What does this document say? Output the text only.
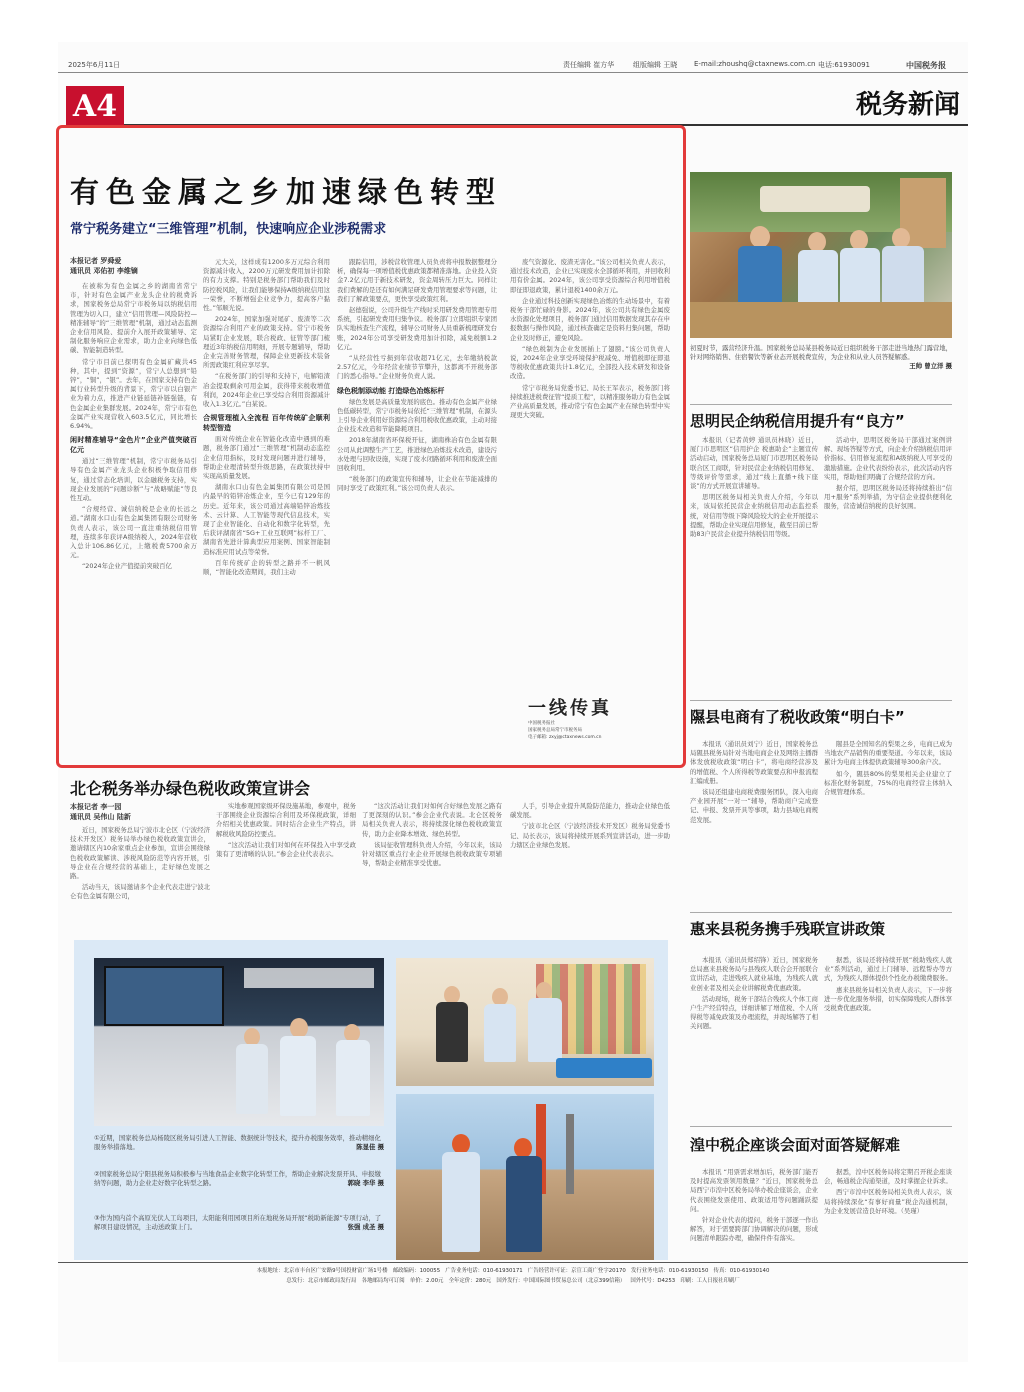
2025年6月11日	责任编辑 崔方华	组版编辑 王晓 E-mail:zhoushq@ctaxnews.com.cn 电话:61930091	中国税务报
A4	税务新闻
有色金属之乡加速绿色转型
常宁税务建立“三维管理”机制，快速响应企业涉税需求
本报记者 罗舜爱
通讯员 邓佑初 李维镝

在被称为有色金属之乡的湖南省常宁市，针对有色金属产业龙头企业的税费诉求，国家税务总局常宁市税务局以纳税信用管理为切入口，建立“信用管理—风险防控—精准辅导”的“三维管理”机制，通过动态监测企业信用风险、提前介入展开政策辅导、定制化服务响应企业需求，助力企业向绿色低碳、智能制造转型。

常宁市目前已探明有色金属矿藏共45种，其中，提到“资源”，常宁人总想到“铅锌”，“铜”，“银”。去年，在国家支持有色金属行业转型升级的背景下，常宁市以白银产业为着力点，推进产业链延链补链强链，有色金属企业集群发展。2024年，常宁市有色金属产业实现营收入603.5亿元，同比增长6.94%。

闲时精准辅导“金色片”企业产值突破百亿元

通过“三维管理”机制，常宁市税务局引导有色金属产业龙头企业积极争取信用修复，通过常态化培训，以金融税务支持，实现企业发展的“问题诊断”与“战略赋能”等良性互动。

“合规经营、诚信纳税是企业的长远之道。”湖南水口山有色金属集团有限公司财务负责人表示，该公司一直注重纳税信用管理，连续多年获评A级纳税人，2024年营收入总计106.86亿元，上缴税费5700余万元。

“2024年企业产值提前突破百亿

元大关，这样成有1200多万元综合利用资源减计收入，2200万元研发费用加计扣除的有力支撑。特别是税务部门帮助我们及时防控税风险，让我们能够保持A级纳税信用这一荣誉，不断增强企业竞争力，提高客户黏性。”邹顺光说。

2024年，国家加强对尾矿、废渣等二次资源综合利用产业的政策支持。常宁市税务局紧盯企业发展，联合税政、征管等部门梳理近3年纳税信用明细，开展专题辅导，帮助企业完善财务管理，保障企业更新技术装备所需政策红利应享尽享。

“在税务部门的引导和支持下，电解铅渣冶金提取剩余可用金属，获得带来税收增值利润，2024年企业已享受综合利用资源减计收入1.3亿元。”白某说。

合规管理植入全流程 百年传统矿企顺利转型智造

面对传统企业在智能化改造中遇到的难题，税务部门通过“三维管理”机制动态监控企业信用指标，及时发现问题并进行辅导，帮助企业理清转型升级思路，在政策扶持中实现高质量发展。

湖南水口山有色金属集团有限公司是国内最早的铅锌冶炼企业，至今已有129年的历史。近年来，该公司通过高端铅锌冶炼技术、云计算、人工智能等现代信息技术，实现了企业智能化、自动化和数字化转型，先后获评湖南省“5G+工业互联网”标杆工厂、湖南省先进计算典型应用案例、国家智能制造标准应用试点等荣誉。

百年传统矿企的转型之路并不一帆风顺，“智能化改造期间，我们主动

跟踪信用，涉税营收管理人员负责将申报数据整理分析，确保每一项增值税优惠政策都精准落地。企业投入资金7.2亿元用于新技术研发，资金周转压力巨大。同样让我们费解的是还有如何满足研发费用管理要求等问题，让我们了解政策要点，更快享受政策红利。

赵德强说，公司升级生产线时采用研发费用管理专用系统，引起研发费用归集争议。税务部门立即组织专家团队实地核查生产流程，辅导公司财务人员重新梳理研发台账，2024年公司享受研发费用加计扣除，减免税额1.2亿元。

“从经营性亏损到年营收超71亿元，去年缴纳税款2.57亿元，今年经营业绩节节攀升，这都离不开税务部门的悉心指导。”企业财务负责人说。

绿色税制添动能 打造绿色冶炼标杆

绿色发展是高质量发展的底色。推动有色金属产业绿色低碳转型，常宁市税务局依托“三维管理”机制，在源头上引导企业利用好资源综合利用税收优惠政策，主动对接企业技术改造和节能降耗项目。

2018年湖南省环保税开征，湖南株冶有色金属有限公司从此调整生产工艺，推进绿色冶炼技术改造，建设污水处理与回收设施，实现了废水闭路循环利用和废渣全面回收利用。

“税务部门的政策宣传和辅导，让企业在节能减排的同时享受了政策红利。”该公司负责人表示。

废气资源化、废渣无害化。”该公司相关负责人表示，通过技术改造，企业已实现废水全部循环利用，并回收利用有价金属。2024年，该公司享受资源综合利用增值税即征即退政策，累计退税1400余万元。

企业通过科技创新实现绿色冶炼的生动场景中，有着税务干部忙碌的身影。2024年，该公司共有绿色金属废水资源化处理项目，税务部门通过信用数据发现其存在申报数据与操作风险，通过核查确定是资料归集问题，帮助企业及时修正，避免风险。

“绿色税制为企业发展插上了翅膀。”该公司负责人说，2024年企业享受环境保护税减免、增值税即征即退等税收优惠政策共计1.8亿元，全部投入技术研发和设备改造。

常宁市税务局党委书记、局长王军表示，税务部门将持续推进税费征管“提质工程”，以精准服务助力有色金属产业高质量发展，推动常宁有色金属产业在绿色转型中实现更大突破。

一线传真
中国税务报社
国家税务总局常宁市税务局
电子邮箱: zxyj@ctaxnews.com.cn
初夏时节，露营经济升温。国家税务总局某县税务局近日组织税务干部走进当地热门露营地，针对网络销售、住宿餐饮等新业态开展税费宣传，为企业和从业人员答疑解惑。
王帅 曾立洋 摄
思明民企纳税信用提升有“良方”

本报讯（记者黄婷 通讯员林晓）近日，厦门市思明区“信用护企 税惠助企”主题宣传活动启动，国家税务总局厦门市思明区税务局联合区工商联，针对民营企业纳税信用修复、等级评价等需求，通过“线上直播+线下座谈”的方式开展宣讲辅导。

思明区税务局相关负责人介绍，今年以来，该局依托民营企业纳税信用动态监控系统，对信用等级下降风险较大的企业开展提示提醒，帮助企业实现信用修复，截至目前已帮助83户民营企业提升纳税信用等级。

活动中，思明区税务局干部通过案例讲解、现场答疑等方式，向企业介绍纳税信用评价指标、信用修复流程和A级纳税人可享受的激励措施。企业代表纷纷表示，此次活动内容实用，帮助他们明确了合规经营的方向。

据介绍，思明区税务局还将持续推出“信用+服务”系列举措，为守信企业提供便利化服务，营造诚信纳税的良好氛围。

隰县电商有了税收政策“明白卡”

本报讯（通讯员刘宁）近日，国家税务总局隰县税务局针对当地电商企业及网络主播群体发放税收政策“明白卡”，将电商经营涉及的增值税、个人所得税等政策要点和申报流程汇编成册。

该局还组建电商税费服务团队，深入电商产业园开展“一对一”辅导，帮助商户完成登记、申报、发票开具等事项，助力县域电商规范发展。

隰县是全国知名的梨果之乡，电商已成为当地农产品销售的重要渠道。今年以来，该局累计为电商主体提供政策辅导300余户次。

如今，隰县80%的梨果相关企业建立了标准化财务制度，75%的电商经营主体纳入合规管理体系。

惠来县税务携手残联宣讲政策

本报讯（通讯员郑绍锋）近日，国家税务总局惠来县税务局与县残疾人联合会开展联合宣讲活动，走进残疾人就业基地，为残疾人就业创业者及相关企业讲解税费优惠政策。

活动现场，税务干部结合残疾人个体工商户生产经营特点，详细讲解了增值税、个人所得税等减免政策及办理流程，并现场解答了相关问题。

据悉，该局还将持续开展“税助残疾人就业”系列活动，通过上门辅导、远程帮办等方式，为残疾人群体提供个性化办税缴费服务。

惠来县税务局相关负责人表示，下一步将进一步优化服务举措，切实保障残疾人群体享受税费优惠政策。

湟中税企座谈会面对面答疑解难

本报讯 “用票需求增加后，税务部门能否及时提高发票领用数量？”近日，国家税务总局西宁市湟中区税务局举办税企座谈会，企业代表围绕发票使用、政策适用等问题踊跃提问。

针对企业代表的提问，税务干部逐一作出解答，对于需要跨部门协调解决的问题，形成问题清单跟踪办理，确保件件有落实。

据悉，湟中区税务局将定期召开税企座谈会，畅通税企沟通渠道，及时掌握企业诉求。

西宁市湟中区税务局相关负责人表示，该局将持续深化“有事好商量”税企沟通机制，为企业发展营造良好环境。（吴瑾）

北仑税务举办绿色税收政策宣讲会
本报记者 李一园
通讯员 吴伟山 陆新

近日，国家税务总局宁波市北仑区（宁波经济技术开发区）税务局举办绿色税收政策宣讲会，邀请辖区内10余家重点企业参加，宣讲会围绕绿色税收政策解读、涉税风险防范等内容开展，引导企业在合规经营的基础上，走好绿色发展之路。

活动当天，该局邀请多个企业代表走进宁波北仑有色金属有限公司，

实地参观国家级环保设施基地，参观中，税务干部围绕企业资源综合利用及环保税政策，详细介绍相关优惠政策。同时结合企业生产特点，讲解税收风险防控要点。

“这次活动让我们对如何在环保投入中享受政策有了更清晰的认识。”参会企业代表表示。

“这次活动让我们对如何合好绿色发展之路有了更深刻的认识。”参会企业代表说。北仑区税务局相关负责人表示，将持续深化绿色税收政策宣传，助力企业降本增效、绿色转型。

该局征收管理科负责人介绍，今年以来，该局针对辖区重点行业企业开展绿色税收政策专项辅导，帮助企业精准享受优惠。

人手，引导企业提升风险防范能力，推动企业绿色低碳发展。

宁波市北仑区（宁波经济技术开发区）税务局党委书记、局长表示，该局将持续开展系列宣讲活动，进一步助力辖区企业绿色发展。

①近期，国家税务总局杨陵区税务局引进人工智能、数据统计等技术，提升办税服务效率，推动精细化服务举措落地。	陈显佳 摄
②国家税务总局宁阳县税务局积极参与当地食品企业数字化转型工作，帮助企业解决发票开具、申报缴纳等问题，助力企业走好数字化转型之路。	郭晓 李华 摄
③作为国内首个高原光伏人工岛项目，太阳能利用园项目所在地税务局开展“税助新能源”专项行动，了解项目建设情况，主动送政策上门。	张强 成圣 摄
本报地址：北京市丰台区广安路9号国投财富广场1号楼 邮政编码：100055 广告业务电话：010-61930171 广告经营许可证：京宣工商广登字20170 发行业务电话：010-61930150 传真：010-61930140
总发行：北京市邮政局发行局 各地邮局均可订阅 单价：2.00元 全年定价：280元 国外发行：中国国际图书贸易总公司（北京399信箱） 国外代号：D4253 印刷：工人日报社印刷厂
